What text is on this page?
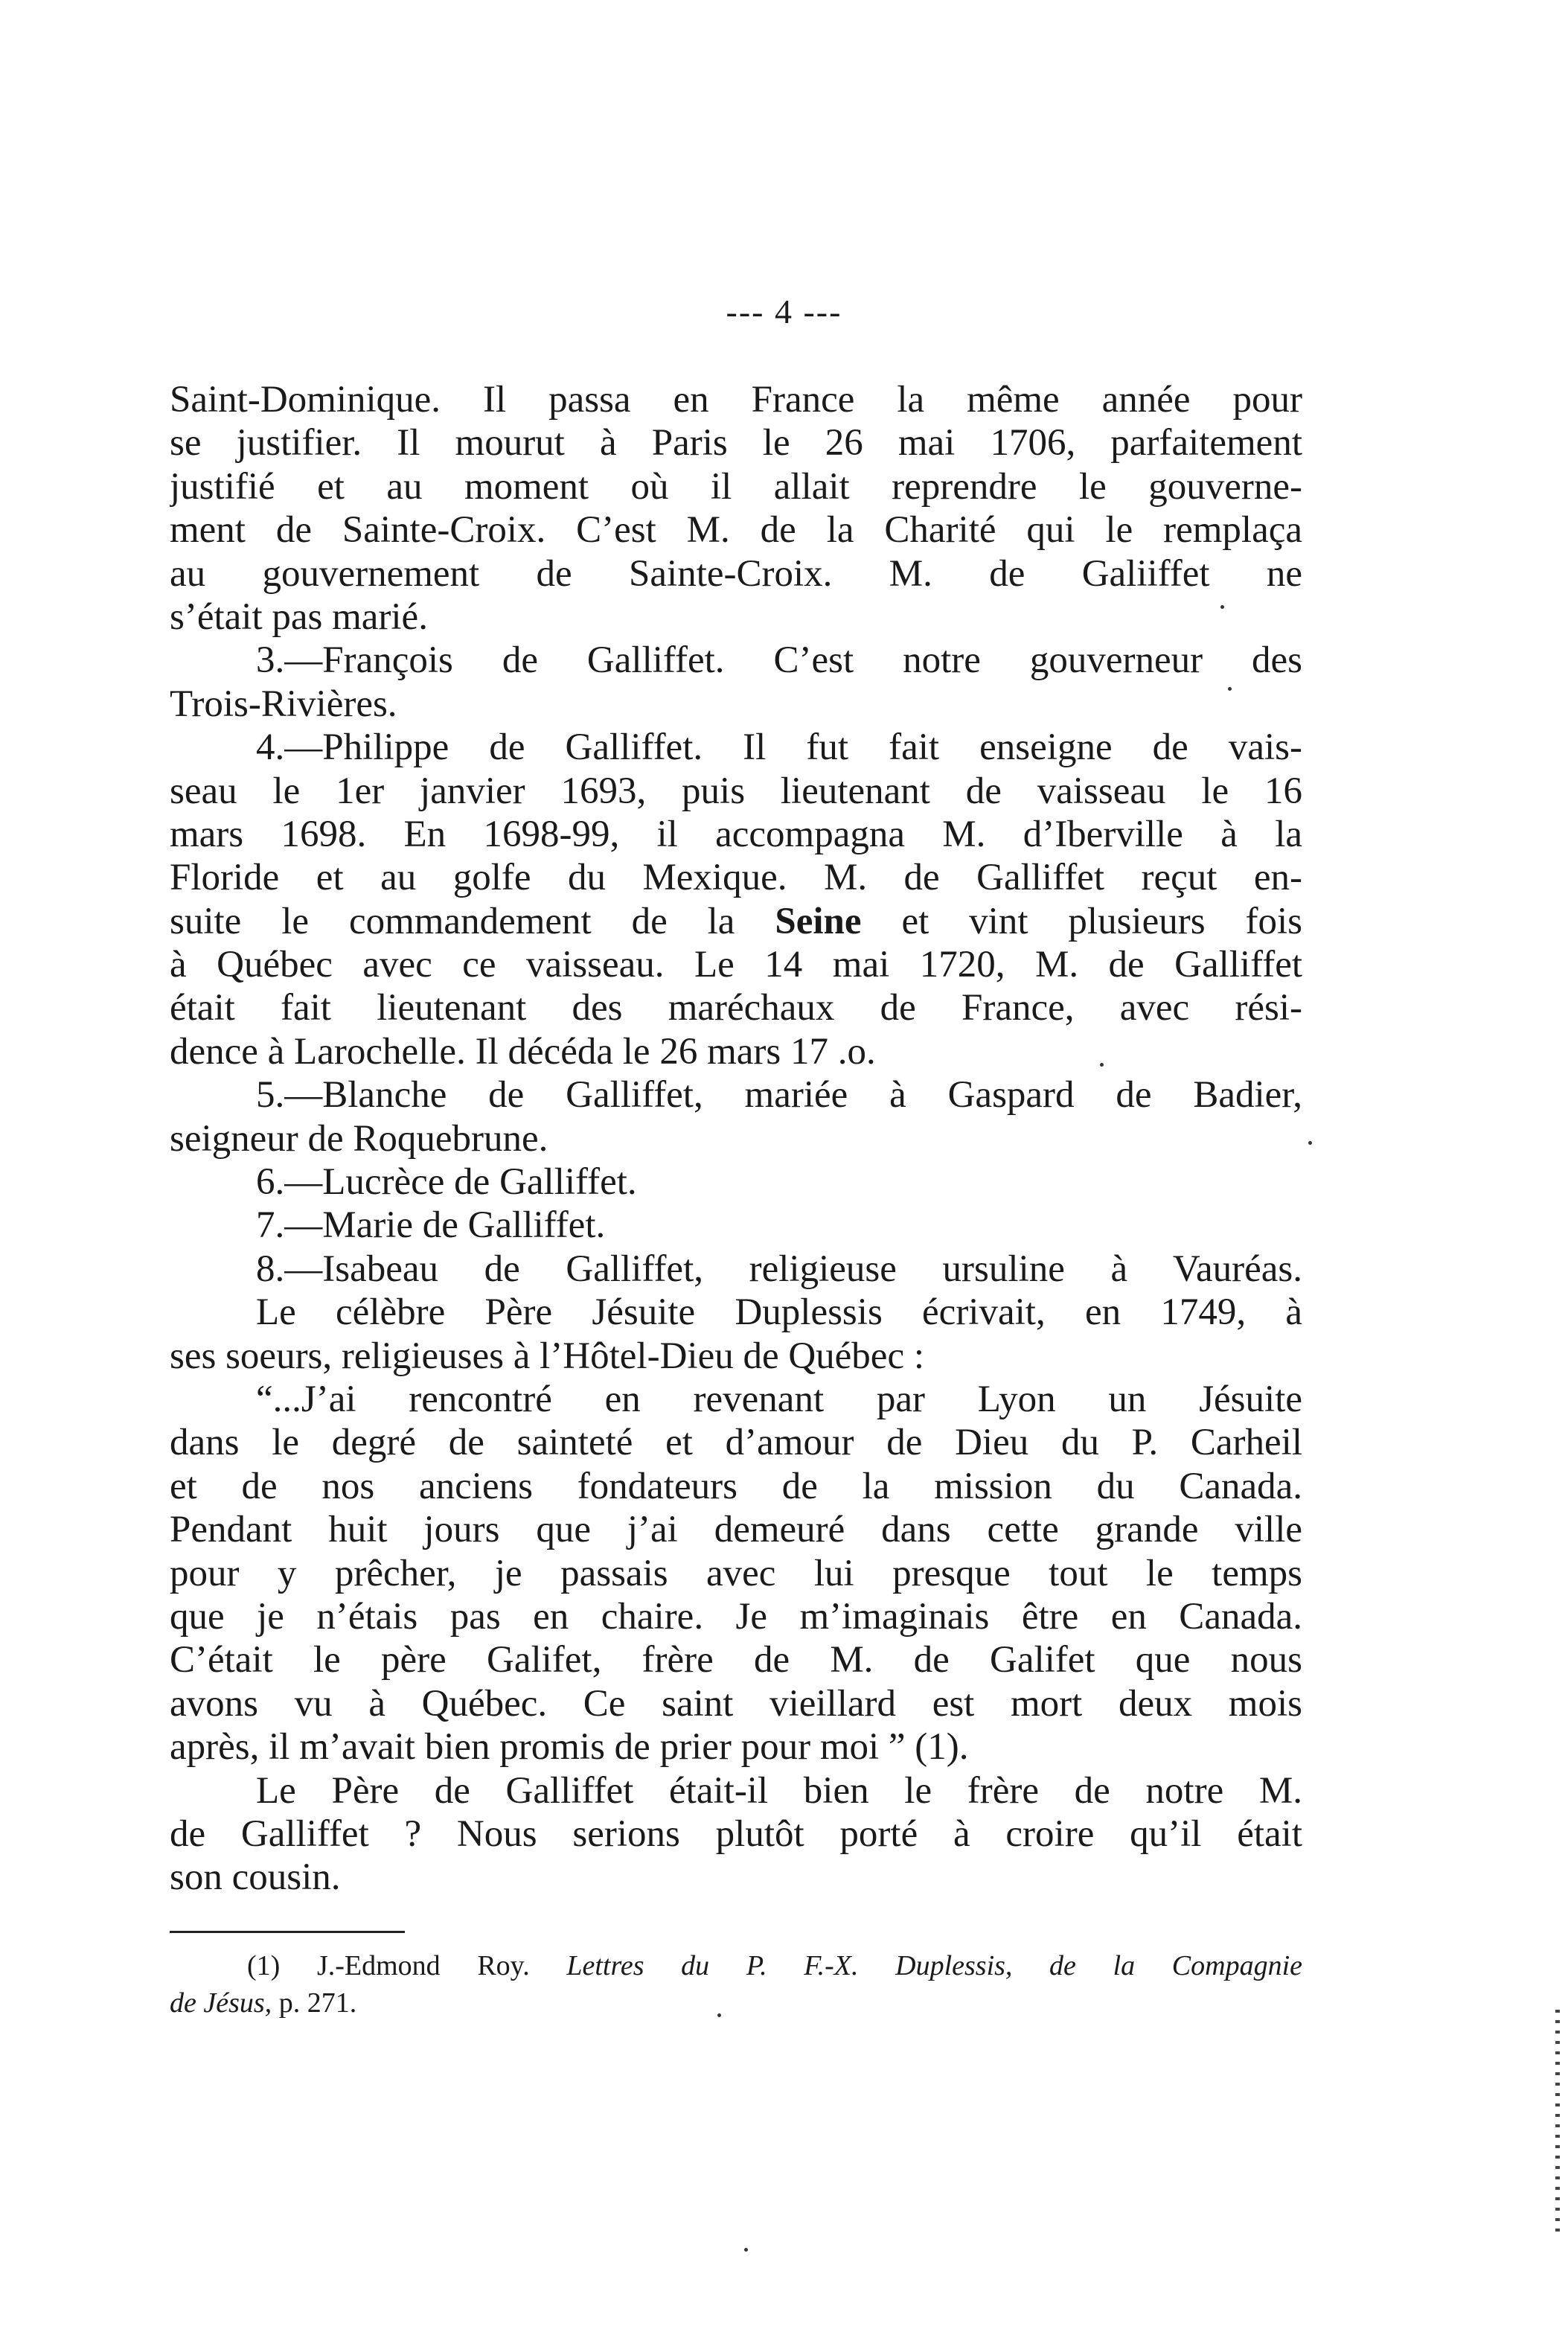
--- 4 ---
Saint-Dominique. Il passa en France la même année pour
se justifier. Il mourut à Paris le 26 mai 1706, parfaitement
justifié et au moment où il allait reprendre le gouverne-
ment de Sainte-Croix. C’est M. de la Charité qui le remplaça
au gouvernement de Sainte-Croix. M. de Galiiffet ne
s’était pas marié.
3.—François de Galliffet. C’est notre gouverneur des
Trois-Rivières.
4.—Philippe de Galliffet. Il fut fait enseigne de vais-
seau le 1er janvier 1693, puis lieutenant de vaisseau le 16
mars 1698. En 1698-99, il accompagna M. d’Iberville à la
Floride et au golfe du Mexique. M. de Galliffet reçut en-
suite le commandement de la Seine et vint plusieurs fois
à Québec avec ce vaisseau. Le 14 mai 1720, M. de Galliffet
était fait lieutenant des maréchaux de France, avec rési-
dence à Larochelle. Il décéda le 26 mars 17 .o.
5.—Blanche de Galliffet, mariée à Gaspard de Badier,
seigneur de Roquebrune.
6.—Lucrèce de Galliffet.
7.—Marie de Galliffet.
8.—Isabeau de Galliffet, religieuse ursuline à Vauréas.
Le célèbre Père Jésuite Duplessis écrivait, en 1749, à
ses soeurs, religieuses à l’Hôtel-Dieu de Québec :
“...J’ai rencontré en revenant par Lyon un Jésuite
dans le degré de sainteté et d’amour de Dieu du P. Carheil
et de nos anciens fondateurs de la mission du Canada.
Pendant huit jours que j’ai demeuré dans cette grande ville
pour y prêcher, je passais avec lui presque tout le temps
que je n’étais pas en chaire. Je m’imaginais être en Canada.
C’était le père Galifet, frère de M. de Galifet que nous
avons vu à Québec. Ce saint vieillard est mort deux mois
après, il m’avait bien promis de prier pour moi ” (1).
Le Père de Galliffet était-il bien le frère de notre M.
de Galliffet ? Nous serions plutôt porté à croire qu’il était
son cousin.
(1) J.-Edmond Roy. Lettres du P. F.-X. Duplessis, de la Compagnie
de Jésus, p. 271.
